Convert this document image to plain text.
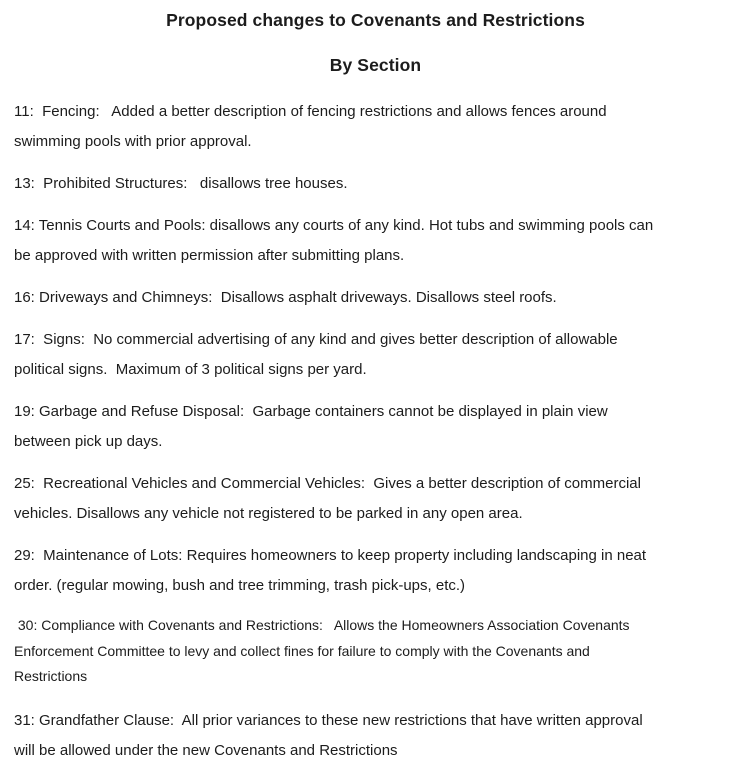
Proposed changes to Covenants and Restrictions
By Section
11:  Fencing:   Added a better description of fencing restrictions and allows fences around
swimming pools with prior approval.
13:  Prohibited Structures:   disallows tree houses.
14: Tennis Courts and Pools: disallows any courts of any kind. Hot tubs and swimming pools can
be approved with written permission after submitting plans.
16: Driveways and Chimneys:  Disallows asphalt driveways. Disallows steel roofs.
17:  Signs:  No commercial advertising of any kind and gives better description of allowable
political signs.  Maximum of 3 political signs per yard.
19: Garbage and Refuse Disposal:  Garbage containers cannot be displayed in plain view
between pick up days.
25:  Recreational Vehicles and Commercial Vehicles:  Gives a better description of commercial
vehicles. Disallows any vehicle not registered to be parked in any open area.
29:  Maintenance of Lots: Requires homeowners to keep property including landscaping in neat
order. (regular mowing, bush and tree trimming, trash pick-ups, etc.)
30: Compliance with Covenants and Restrictions:   Allows the Homeowners Association Covenants
Enforcement Committee to levy and collect fines for failure to comply with the Covenants and
Restrictions
31: Grandfather Clause:  All prior variances to these new restrictions that have written approval
will be allowed under the new Covenants and Restrictions
